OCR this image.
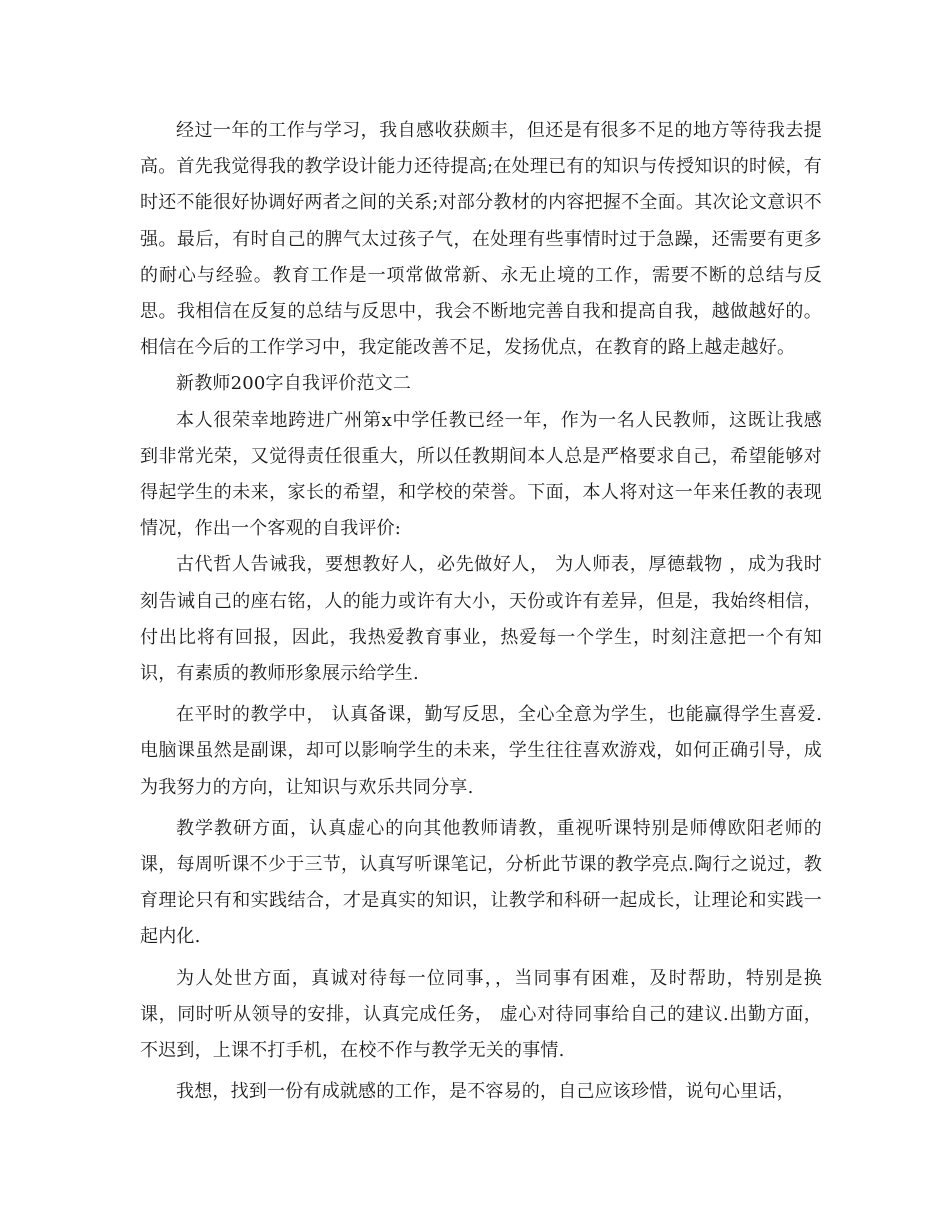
经过一年的工作与学习，我自感收获颇丰，但还是有很多不足的地方等待我去提高。首先我觉得我的教学设计能力还待提高;在处理已有的知识与传授知识的时候，有时还不能很好协调好两者之间的关系;对部分教材的内容把握不全面。其次论文意识不强。最后，有时自己的脾气太过孩子气，在处理有些事情时过于急躁，还需要有更多的耐心与经验。教育工作是一项常做常新、永无止境的工作，需要不断的总结与反思。我相信在反复的总结与反思中，我会不断地完善自我和提高自我，越做越好的。相信在今后的工作学习中，我定能改善不足，发扬优点，在教育的路上越走越好。

新教师200字自我评价范文二

本人很荣幸地跨进广州第x中学任教已经一年，作为一名人民教师，这既让我感到非常光荣，又觉得责任很重大，所以任教期间本人总是严格要求自己，希望能够对得起学生的未来，家长的希望，和学校的荣誉。下面，本人将对这一年来任教的表现情况，作出一个客观的自我评价:

古代哲人告诫我，要想教好人，必先做好人， 为人师表，厚德载物 ，成为我时刻告诫自己的座右铭，人的能力或许有大小，天份或许有差异，但是，我始终相信，付出比将有回报，因此，我热爱教育事业，热爱每一个学生，时刻注意把一个有知识，有素质的教师形象展示给学生.

在平时的教学中， 认真备课，勤写反思，全心全意为学生，也能赢得学生喜爱.电脑课虽然是副课，却可以影响学生的未来，学生往往喜欢游戏，如何正确引导，成为我努力的方向，让知识与欢乐共同分享.

教学教研方面，认真虚心的向其他教师请教，重视听课特别是师傅欧阳老师的课，每周听课不少于三节，认真写听课笔记，分析此节课的教学亮点.陶行之说过，教育理论只有和实践结合，才是真实的知识，让教学和科研一起成长，让理论和实践一起内化.

为人处世方面，真诚对待每一位同事，，当同事有困难，及时帮助，特别是换课，同时听从领导的安排，认真完成任务， 虚心对待同事给自己的建议.出勤方面，不迟到，上课不打手机，在校不作与教学无关的事情.

我想，找到一份有成就感的工作，是不容易的，自己应该珍惜，说句心里话，
